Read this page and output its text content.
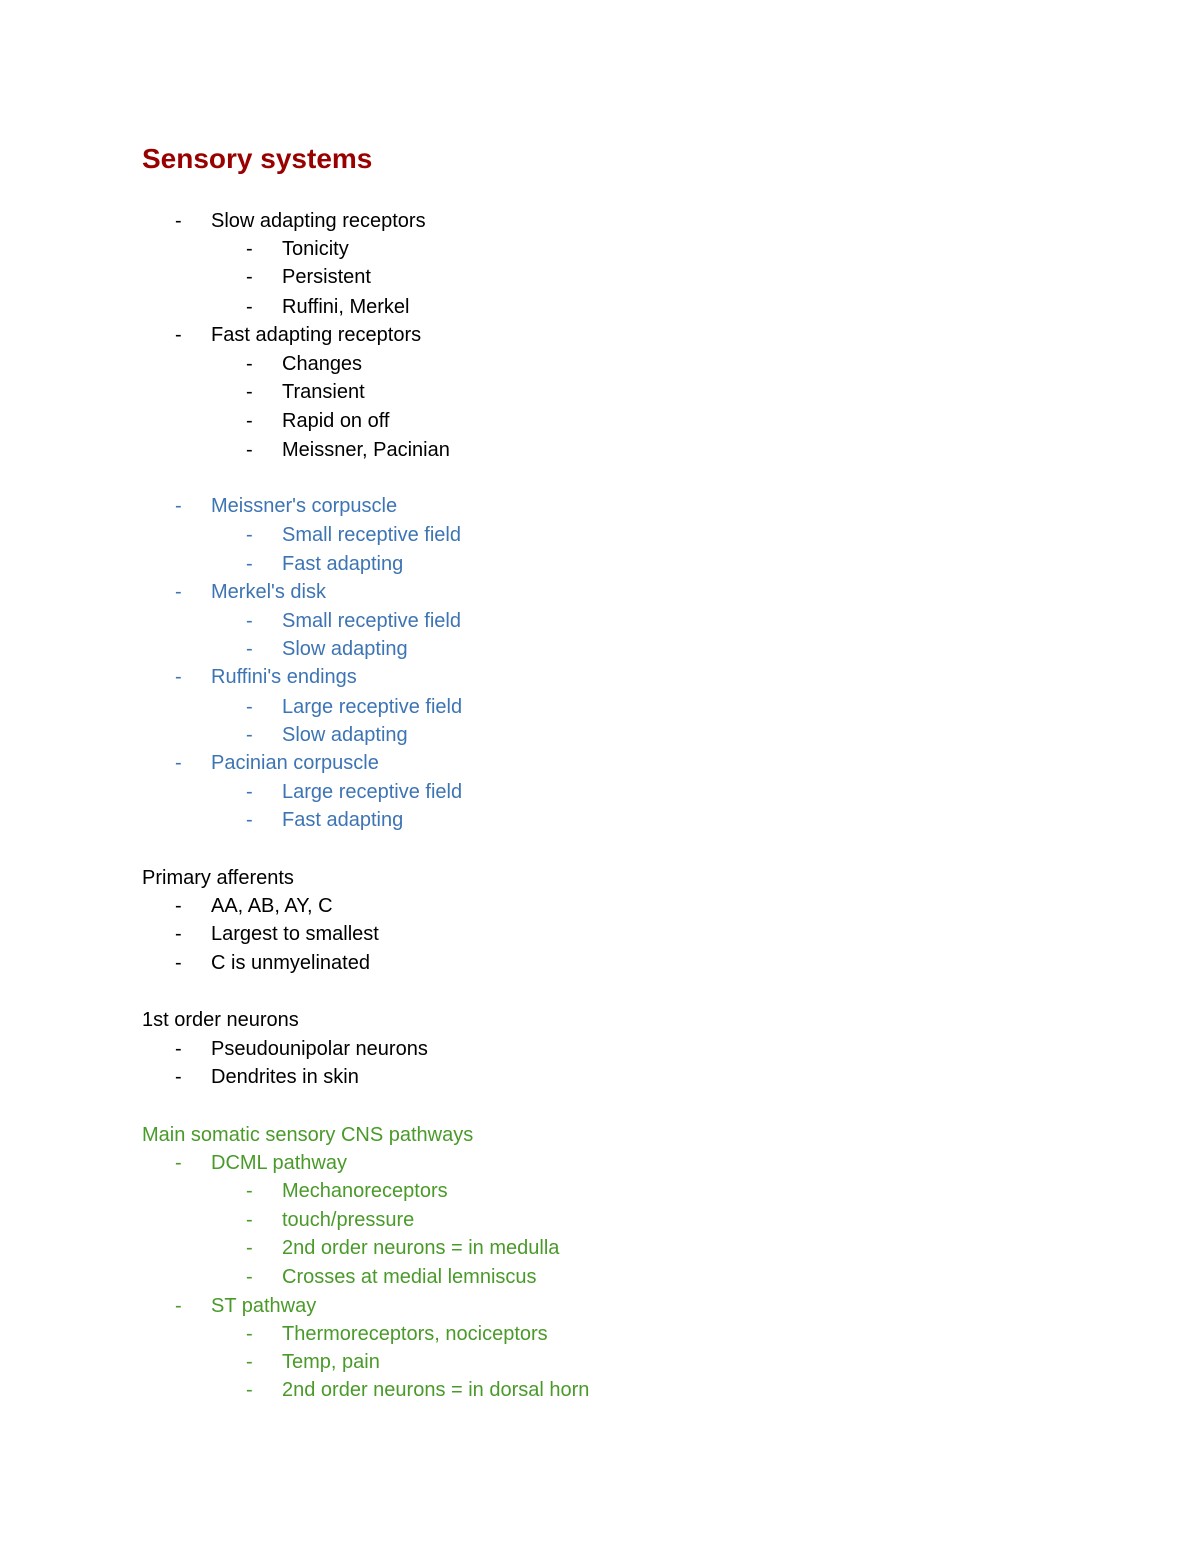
Sensory systems
- Slow adapting receptors
- Tonicity
- Persistent
- Ruffini, Merkel
- Fast adapting receptors
- Changes
- Transient
- Rapid on off
- Meissner, Pacinian
- Meissner's corpuscle
- Small receptive field
- Fast adapting
- Merkel's disk
- Small receptive field
- Slow adapting
- Ruffini's endings
- Large receptive field
- Slow adapting
- Pacinian corpuscle
- Large receptive field
- Fast adapting
Primary afferents
- AA, AB, AY, C
- Largest to smallest
- C is unmyelinated
1st order neurons
- Pseudounipolar neurons
- Dendrites in skin
Main somatic sensory CNS pathways
- DCML pathway
- Mechanoreceptors
- touch/pressure
- 2nd order neurons = in medulla
- Crosses at medial lemniscus
- ST pathway
- Thermoreceptors, nociceptors
- Temp, pain
- 2nd order neurons = in dorsal horn
